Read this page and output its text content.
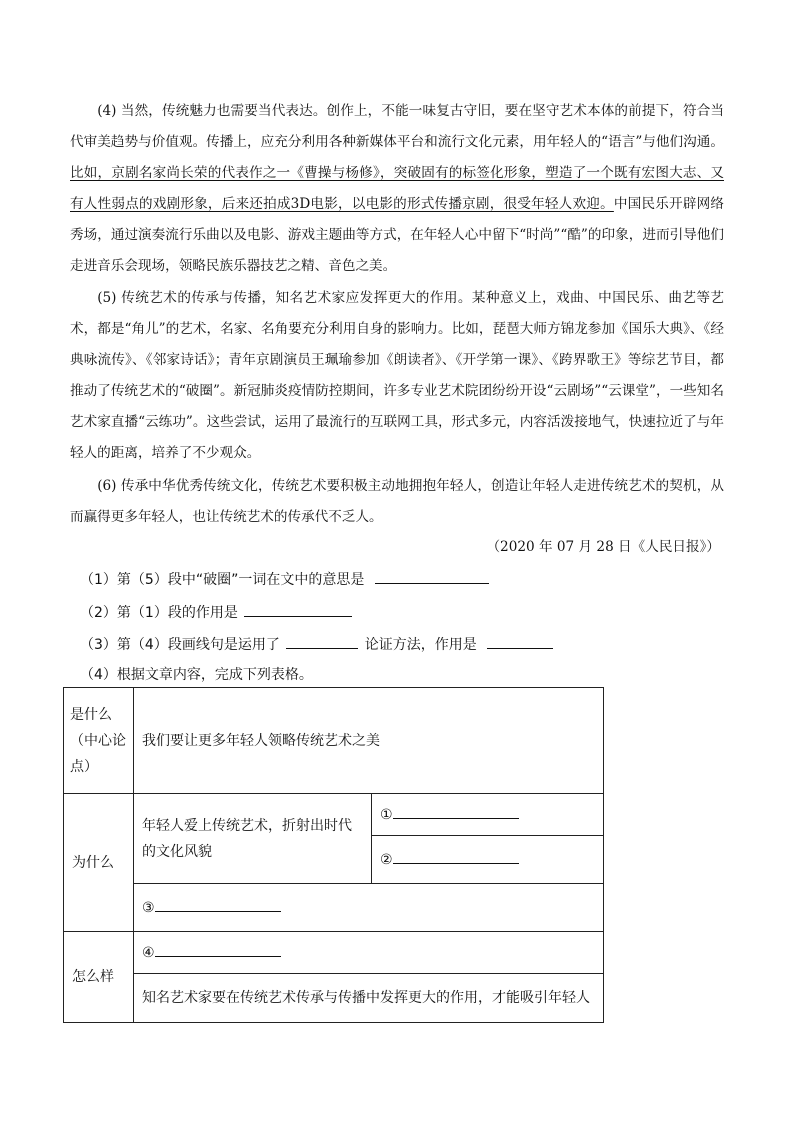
(4) 当然，传统魅力也需要当代表达。创作上，不能一味复古守旧，要在坚守艺术本体的前提下，符合当代审美趋势与价值观。传播上，应充分利用各种新媒体平台和流行文化元素，用年轻人的“语言”与他们沟通。比如，京剧名家尚长荣的代表作之一《曹操与杨修》，突破固有的标签化形象，塑造了一个既有宏图大志、又有人性弱点的戏剧形象，后来还拍成3D电影，以电影的形式传播京剧，很受年轻人欢迎。中国民乐开辟网络秀场，通过演奏流行乐曲以及电影、游戏主题曲等方式，在年轻人心中留下“时尚”“酷”的印象，进而引导他们走进音乐会现场，领略民族乐器技艺之精、音色之美。

(5) 传统艺术的传承与传播，知名艺术家应发挥更大的作用。某种意义上，戏曲、中国民乐、曲艺等艺术，都是“角儿”的艺术，名家、名角要充分利用自身的影响力。比如，琵琶大师方锦龙参加《国乐大典》、《经典咏流传》、《邻家诗话》；青年京剧演员王珮瑜参加《朗读者》、《开学第一课》、《跨界歌王》等综艺节目，都推动了传统艺术的“破圈”。新冠肺炎疫情防控期间，许多专业艺术院团纷纷开设“云剧场”“云课堂”，一些知名艺术家直播“云练功”。这些尝试，运用了最流行的互联网工具，形式多元，内容活泼接地气，快速拉近了与年轻人的距离，培养了不少观众。

(6) 传承中华优秀传统文化，传统艺术要积极主动地拥抱年轻人，创造让年轻人走进传统艺术的契机，从而赢得更多年轻人，也让传统艺术的传承代不乏人。

（2020 年 07 月 28 日《人民日报》）
（1）第（5）段中“破圈”一词在文中的意思是
（2）第（1）段的作用是
（3）第（4）段画线句是运用了	论证方法，作用是
（4）根据文章内容，完成下列表格。
是什么（中心论点）	我们要让更多年轻人领略传统艺术之美	
为什么	年轻人爱上传统艺术，折射出时代的文化风貌	①
		②
	③	
怎么样	④	
	知名艺术家要在传统艺术传承与传播中发挥更大的作用，才能吸引年轻人	
